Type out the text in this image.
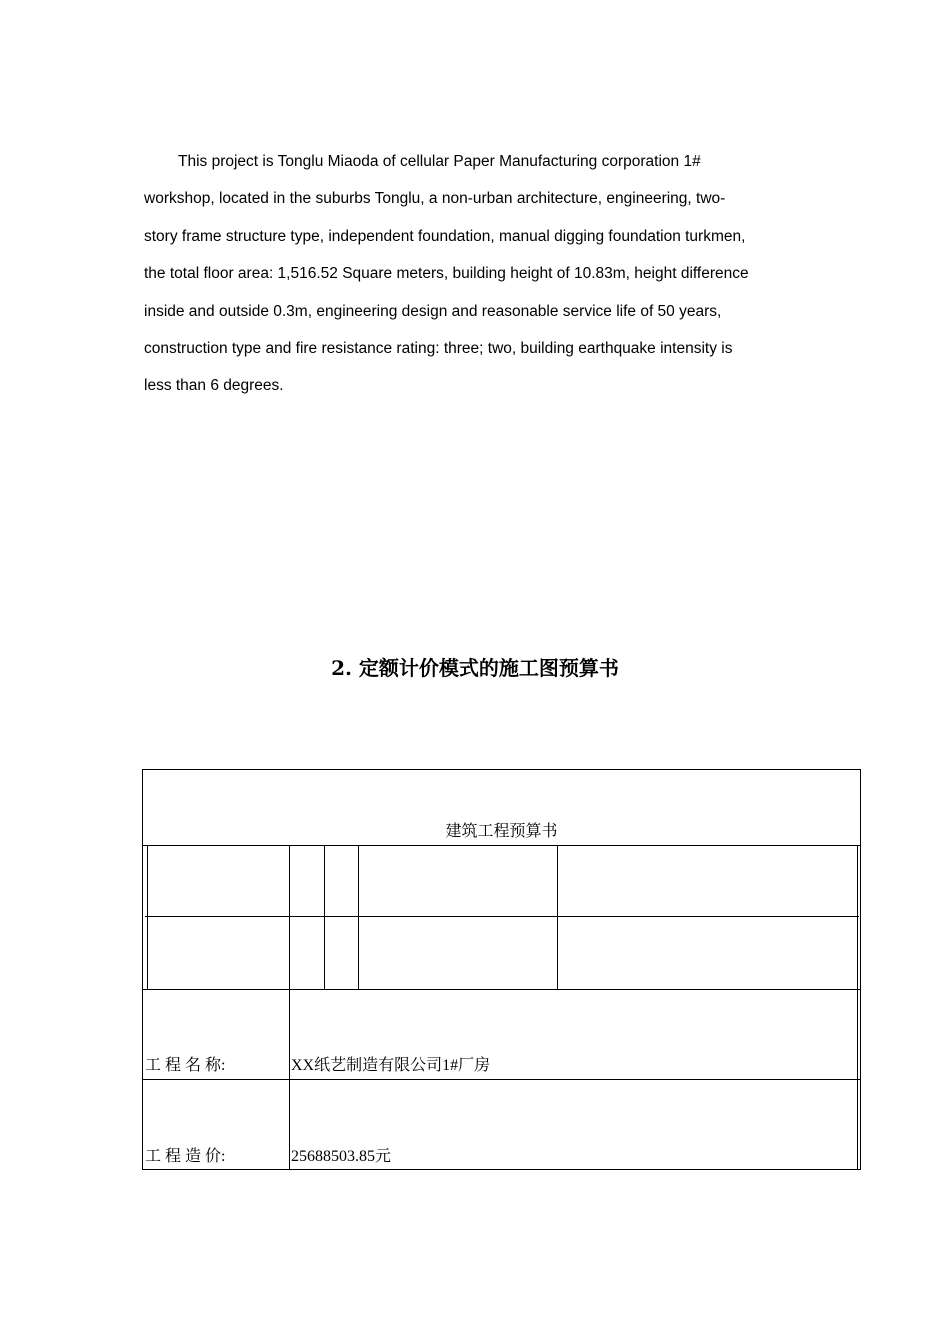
This project is Tonglu Miaoda of cellular Paper Manufacturing corporation 1#
workshop, located in the suburbs Tonglu, a non-urban architecture, engineering, two-
story frame structure type, independent foundation, manual digging foundation turkmen,
the total floor area: 1,516.52 Square meters, building height of 10.83m, height difference
inside and outside 0.3m, engineering design and reasonable service life of 50 years,
construction type and fire resistance rating: three; two, building earthquake intensity is
less than 6 degrees.
2. 定额计价模式的施工图预算书
建筑工程预算书
工 程 名 称:	XX纸艺制造有限公司1#厂房
工 程 造 价:	25688503.85元
